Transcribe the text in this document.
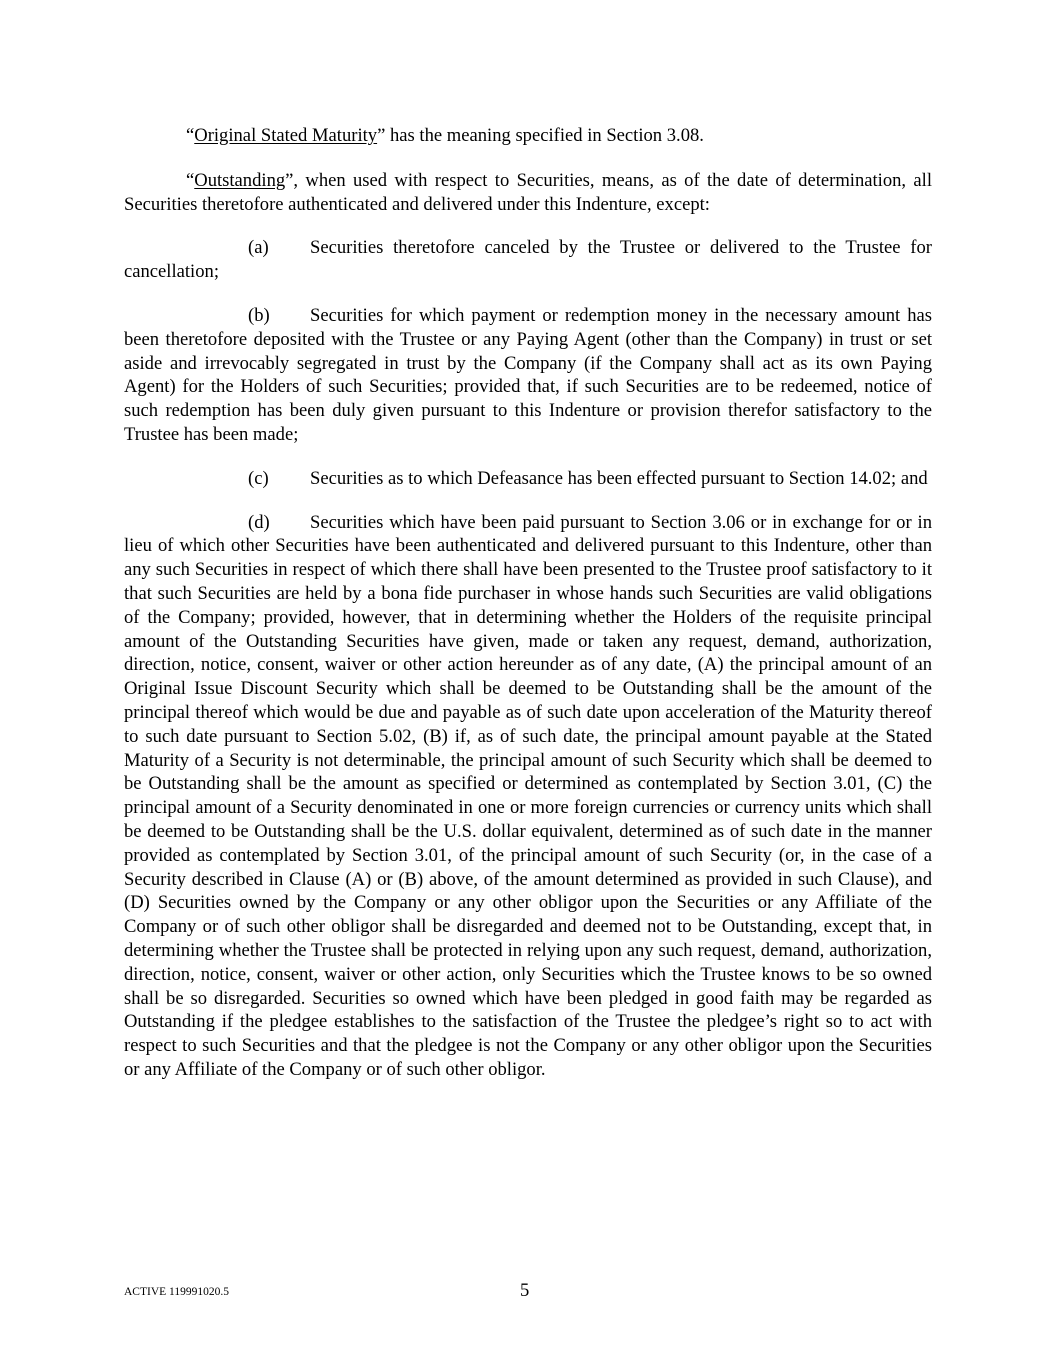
“Original Stated Maturity” has the meaning specified in Section 3.08.

“Outstanding”, when used with respect to Securities, means, as of the date of determination, all Securities theretofore authenticated and delivered under this Indenture, except:

(a) Securities theretofore canceled by the Trustee or delivered to the Trustee for cancellation;

(b) Securities for which payment or redemption money in the necessary amount has been theretofore deposited with the Trustee or any Paying Agent (other than the Company) in trust or set aside and irrevocably segregated in trust by the Company (if the Company shall act as its own Paying Agent) for the Holders of such Securities; provided that, if such Securities are to be redeemed, notice of such redemption has been duly given pursuant to this Indenture or provision therefor satisfactory to the Trustee has been made;

(c) Securities as to which Defeasance has been effected pursuant to Section 14.02; and

(d) Securities which have been paid pursuant to Section 3.06 or in exchange for or in lieu of which other Securities have been authenticated and delivered pursuant to this Indenture, other than any such Securities in respect of which there shall have been presented to the Trustee proof satisfactory to it that such Securities are held by a bona fide purchaser in whose hands such Securities are valid obligations of the Company; provided, however, that in determining whether the Holders of the requisite principal amount of the Outstanding Securities have given, made or taken any request, demand, authorization, direction, notice, consent, waiver or other action hereunder as of any date, (A) the principal amount of an Original Issue Discount Security which shall be deemed to be Outstanding shall be the amount of the principal thereof which would be due and payable as of such date upon acceleration of the Maturity thereof to such date pursuant to Section 5.02, (B) if, as of such date, the principal amount payable at the Stated Maturity of a Security is not determinable, the principal amount of such Security which shall be deemed to be Outstanding shall be the amount as specified or determined as contemplated by Section 3.01, (C) the principal amount of a Security denominated in one or more foreign currencies or currency units which shall be deemed to be Outstanding shall be the U.S. dollar equivalent, determined as of such date in the manner provided as contemplated by Section 3.01, of the principal amount of such Security (or, in the case of a Security described in Clause (A) or (B) above, of the amount determined as provided in such Clause), and (D) Securities owned by the Company or any other obligor upon the Securities or any Affiliate of the Company or of such other obligor shall be disregarded and deemed not to be Outstanding, except that, in determining whether the Trustee shall be protected in relying upon any such request, demand, authorization, direction, notice, consent, waiver or other action, only Securities which the Trustee knows to be so owned shall be so disregarded. Securities so owned which have been pledged in good faith may be regarded as Outstanding if the pledgee establishes to the satisfaction of the Trustee the pledgee’s right so to act with respect to such Securities and that the pledgee is not the Company or any other obligor upon the Securities or any Affiliate of the Company or of such other obligor.

ACTIVE 119991020.5	5
